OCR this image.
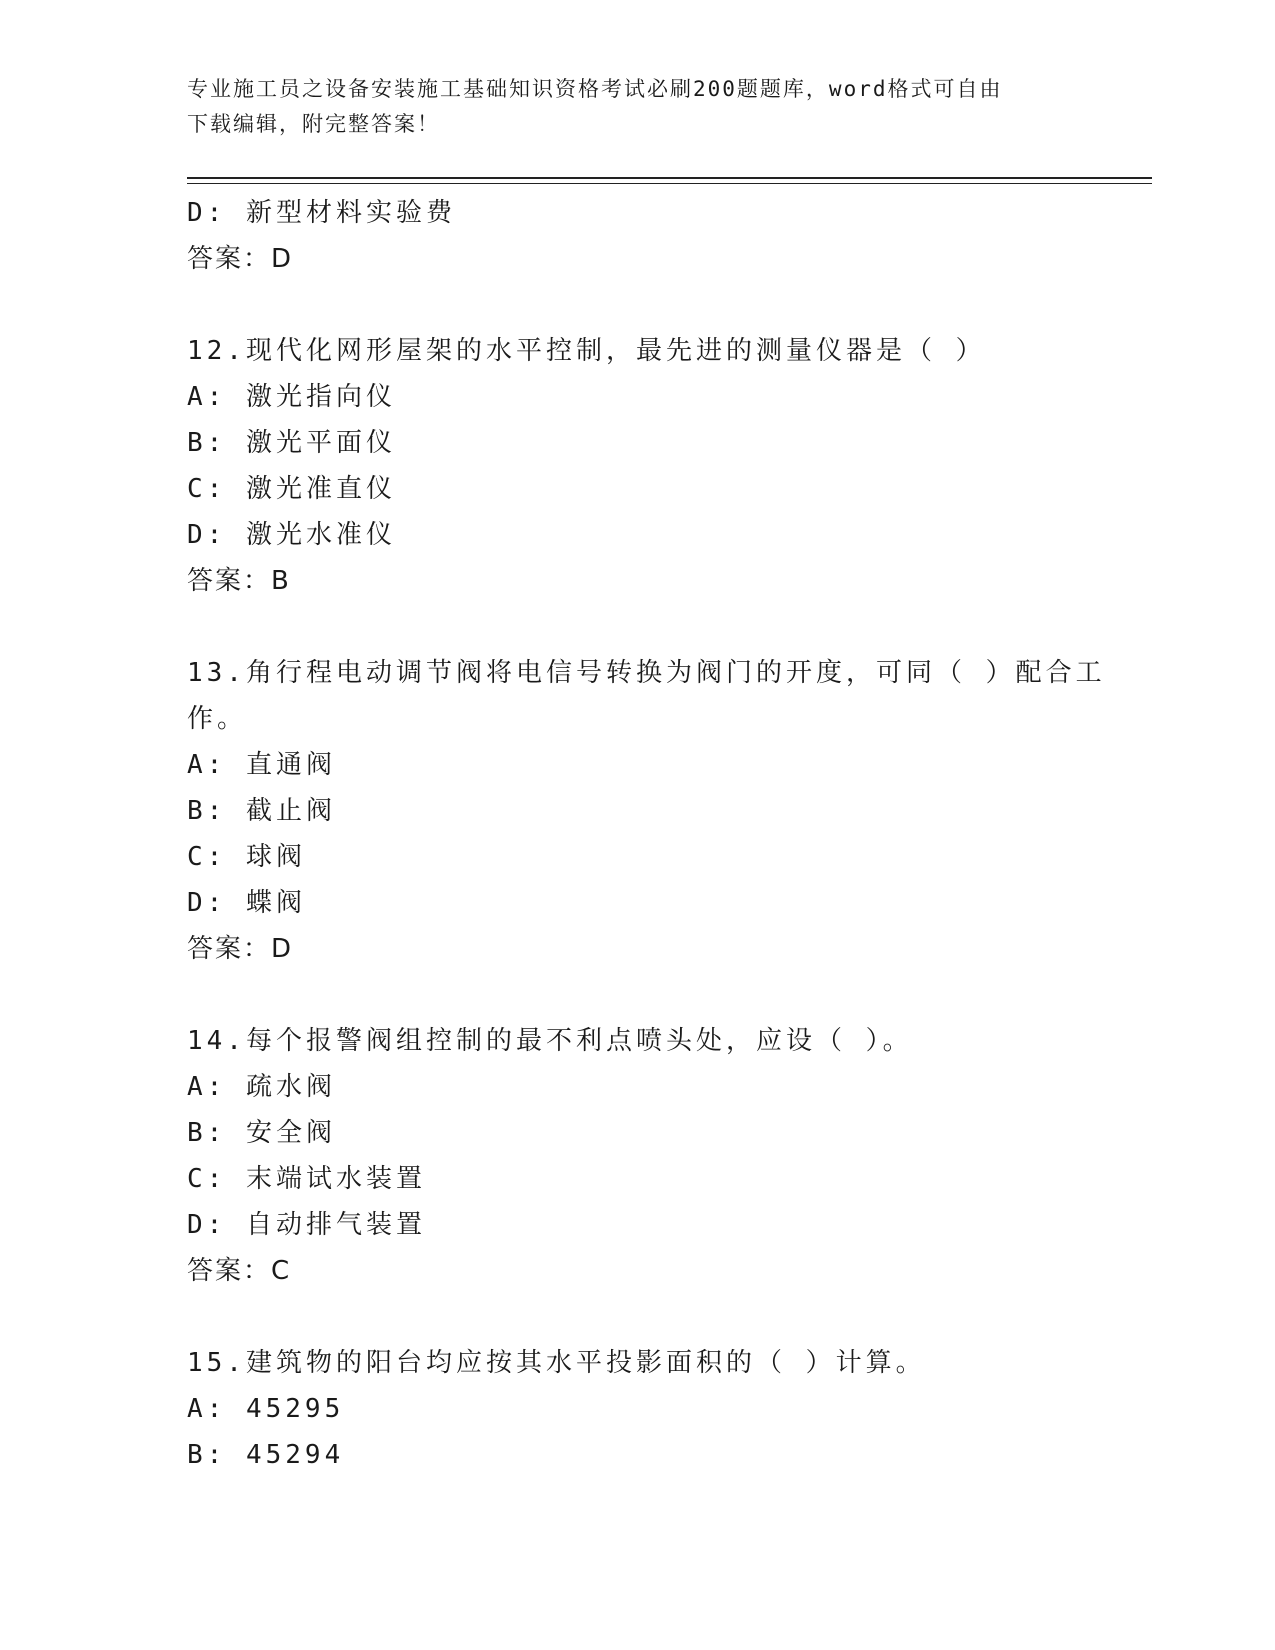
专业施工员之设备安装施工基础知识资格考试必刷200题题库，word格式可自由
下载编辑，附完整答案！
D: 新型材料实验费
答案：D
12.现代化网形屋架的水平控制，最先进的测量仪器是（ ）
A: 激光指向仪
B: 激光平面仪
C: 激光准直仪
D: 激光水准仪
答案：B
13.角行程电动调节阀将电信号转换为阀门的开度，可同（ ）配合工
作。
A: 直通阀
B: 截止阀
C: 球阀
D: 蝶阀
答案：D
14.每个报警阀组控制的最不利点喷头处，应设（ ）。
A: 疏水阀
B: 安全阀
C: 末端试水装置
D: 自动排气装置
答案：C
15.建筑物的阳台均应按其水平投影面积的（ ）计算。
A: 45295
B: 45294
